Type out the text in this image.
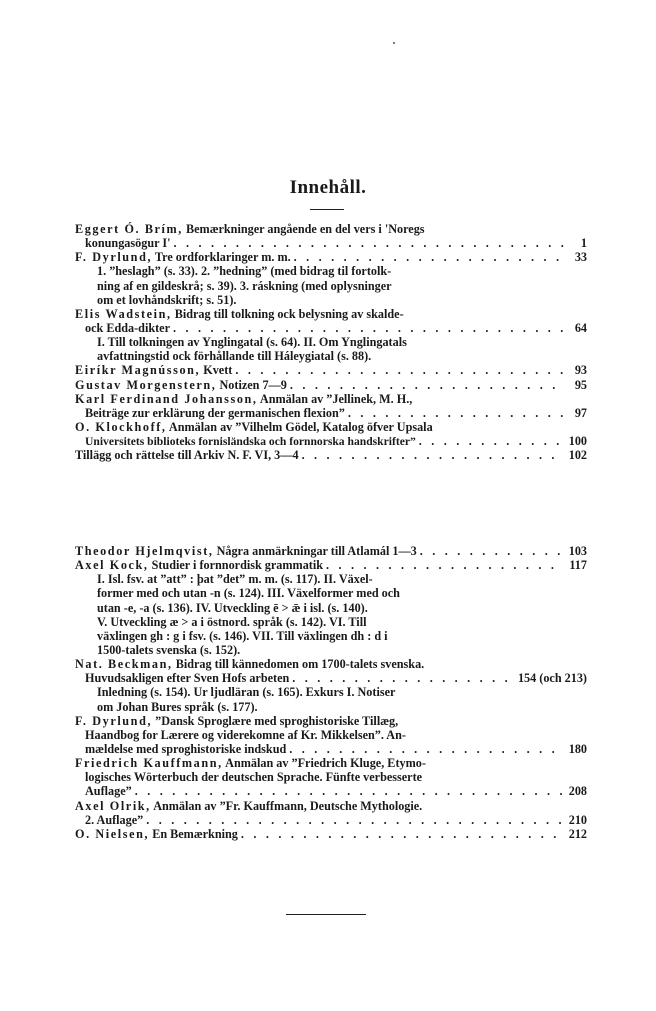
Innehåll.
Eggert Ó. Brím, Bemærkninger angående en del vers i 'Noregs
konungasögur I' . . .	1
F. Dyrlund, Tre ordforklaringer m. m. . . .	33
1. ”heslagh” (s. 33). 2. ”hedning” (med bidrag til fortolk-
ning af en gildeskrå; s. 39). 3. ráskning (med oplysninger
om et lovhåndskrift; s. 51).
Elis Wadstein, Bidrag till tolkning ock belysning av skalde-
ock Edda-dikter . . .	64
I. Till tolkningen av Ynglingatal (s. 64). II. Om Ynglingatals
avfattningstid ock förhållande till Háleygiatal (s. 88).
Eiríkr Magnússon, Kvett . . .	93
Gustav Morgenstern, Notizen 7—9 . . .	95
Karl Ferdinand Johansson, Anmälan av ”Jellinek, M. H.,
Beiträge zur erklärung der germanischen flexion” . . .	97
O. Klockhoff, Anmälan av ”Vilhelm Gödel, Katalog öfver Upsala
Universitets biblioteks fornisländska och fornnorska handskrifter” . . .	100
Tillägg och rättelse till Arkiv N. F. VI, 3—4 . . .	102
Theodor Hjelmqvist, Några anmärkningar till Atlamál 1—3 . . .	103
Axel Kock, Studier i fornnordisk grammatik . . .	117
I. Isl. fsv. at ”att” : þat ”det” m. m. (s. 117). II. Växel-
former med och utan -n (s. 124). III. Växelformer med och
utan -e, -a (s. 136). IV. Utveckling ē > ǣ i isl. (s. 140).
V. Utveckling æ > a i östnord. språk (s. 142). VI. Till
växlingen gh : g i fsv. (s. 146). VII. Till växlingen dh : d i
1500-talets svenska (s. 152).
Nat. Beckman, Bidrag till kännedomen om 1700-talets svenska.
Huvudsakligen efter Sven Hofs arbeten . . .	154 (och 213)
Inledning (s. 154). Ur ljudläran (s. 165). Exkurs I. Notiser
om Johan Bures språk (s. 177).
F. Dyrlund, ”Dansk Sproglære med sproghistoriske Tillæg,
Haandbog for Lærere og viderekomne af Kr. Mikkelsen”. An-
mældelse med sproghistoriske indskud . . .	180
Friedrich Kauffmann, Anmälan av ”Friedrich Kluge, Etymo-
logisches Wörterbuch der deutschen Sprache. Fünfte verbesserte
Auflage” . . .	208
Axel Olrik, Anmälan av ”Fr. Kauffmann, Deutsche Mythologie.
2. Auflage” . . .	210
O. Nielsen, En Bemærkning . . .	212
